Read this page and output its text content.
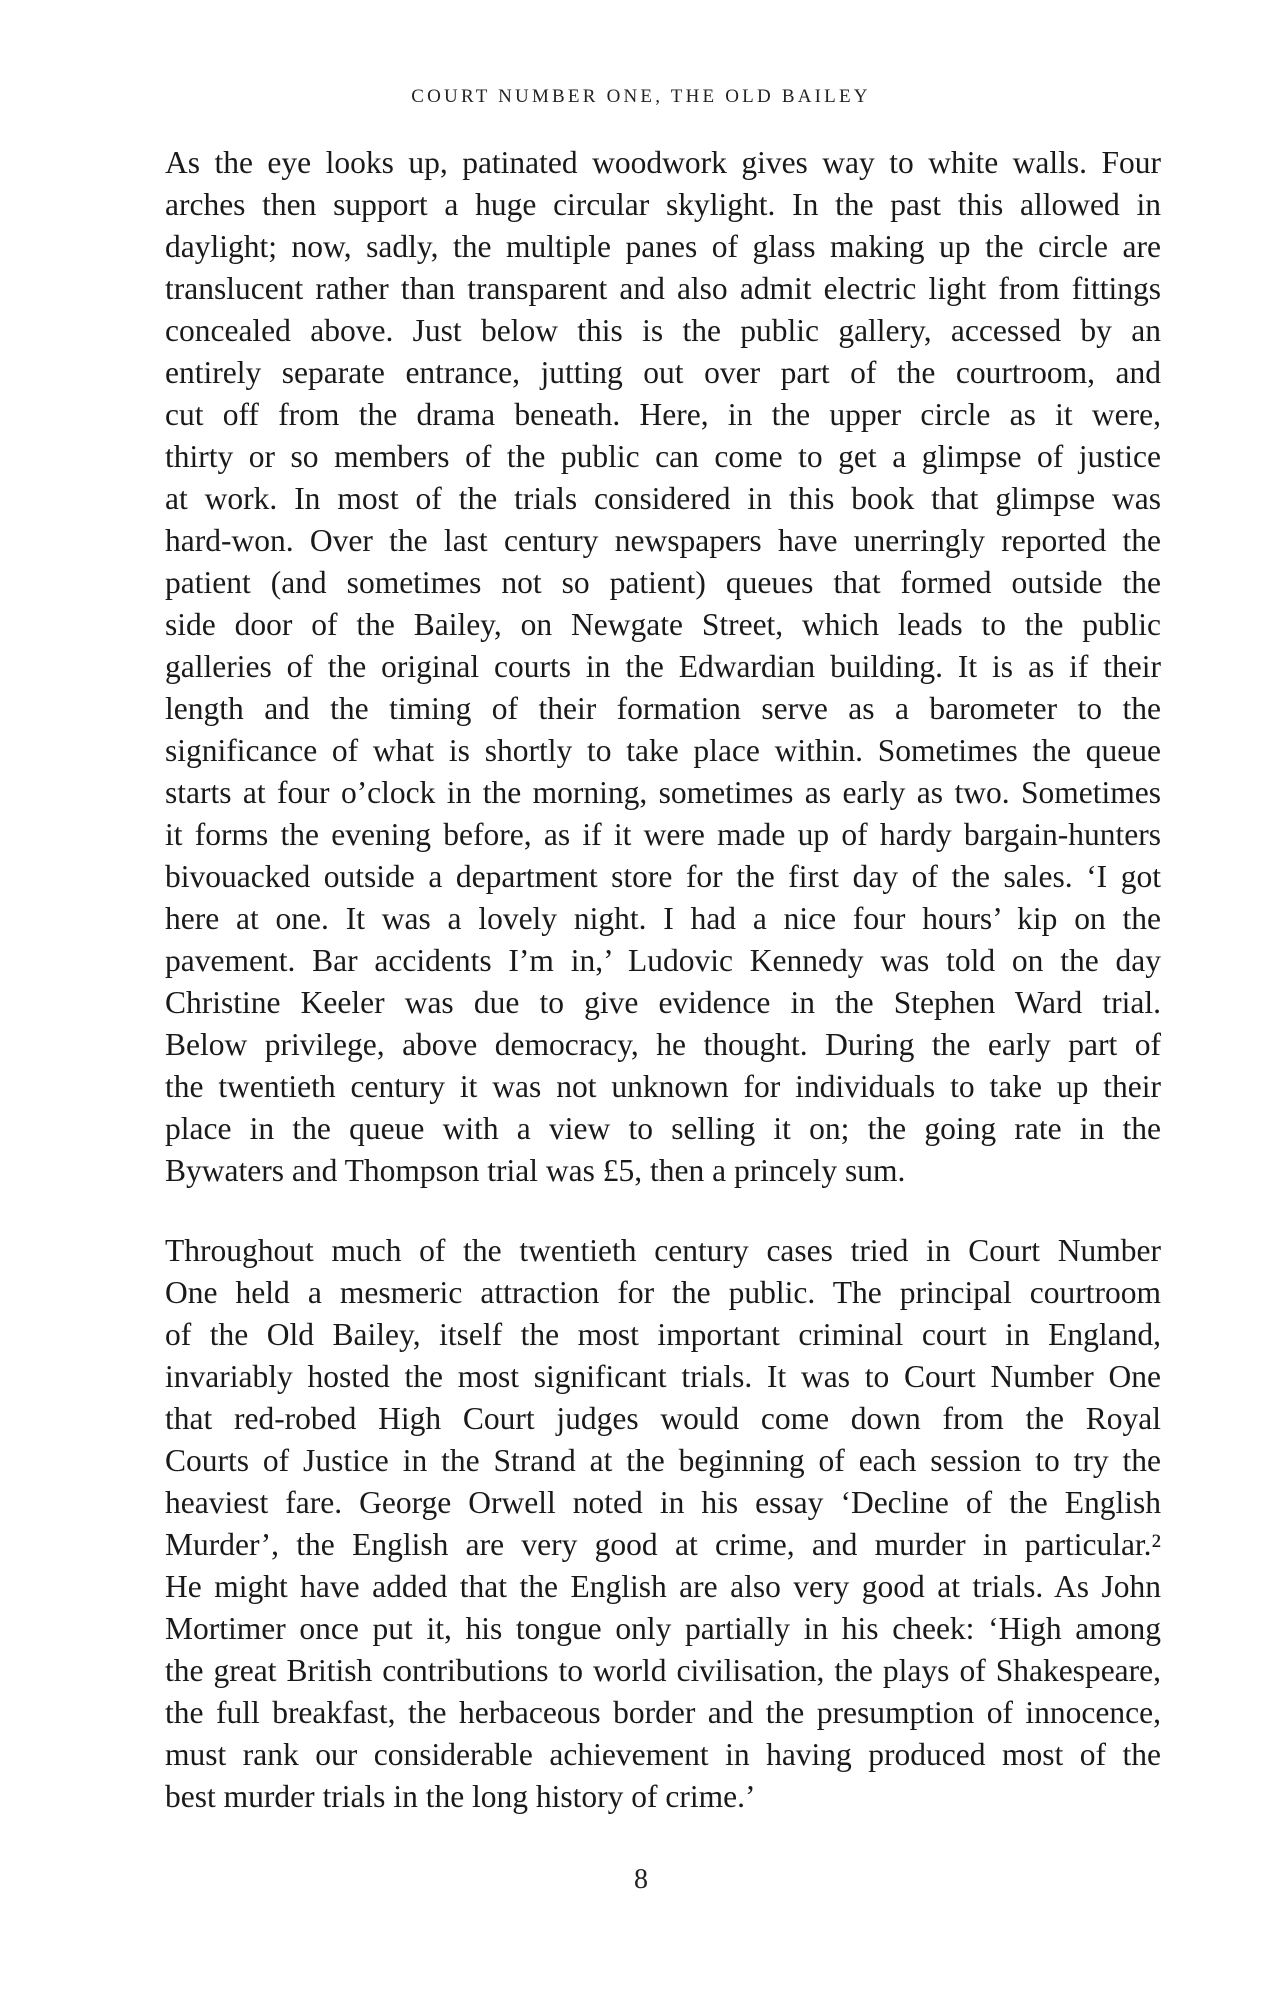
COURT NUMBER ONE, THE OLD BAILEY
As the eye looks up, patinated woodwork gives way to white walls. Four
arches then support a huge circular skylight. In the past this allowed in
daylight; now, sadly, the multiple panes of glass making up the circle are
translucent rather than transparent and also admit electric light from fittings
concealed above. Just below this is the public gallery, accessed by an
entirely separate entrance, jutting out over part of the courtroom, and
cut off from the drama beneath. Here, in the upper circle as it were,
thirty or so members of the public can come to get a glimpse of justice
at work. In most of the trials considered in this book that glimpse was
hard-won. Over the last century newspapers have unerringly reported the
patient (and sometimes not so patient) queues that formed outside the
side door of the Bailey, on Newgate Street, which leads to the public
galleries of the original courts in the Edwardian building. It is as if their
length and the timing of their formation serve as a barometer to the
significance of what is shortly to take place within. Sometimes the queue
starts at four o’clock in the morning, sometimes as early as two. Sometimes
it forms the evening before, as if it were made up of hardy bargain-hunters
bivouacked outside a department store for the first day of the sales. ‘I got
here at one. It was a lovely night. I had a nice four hours’ kip on the
pavement. Bar accidents I’m in,’ Ludovic Kennedy was told on the day
Christine Keeler was due to give evidence in the Stephen Ward trial.
Below privilege, above democracy, he thought. During the early part of
the twentieth century it was not unknown for individuals to take up their
place in the queue with a view to selling it on; the going rate in the
Bywaters and Thompson trial was £5, then a princely sum.
Throughout much of the twentieth century cases tried in Court Number
One held a mesmeric attraction for the public. The principal courtroom
of the Old Bailey, itself the most important criminal court in England,
invariably hosted the most significant trials. It was to Court Number One
that red-robed High Court judges would come down from the Royal
Courts of Justice in the Strand at the beginning of each session to try the
heaviest fare. George Orwell noted in his essay ‘Decline of the English
Murder’, the English are very good at crime, and murder in particular.²
He might have added that the English are also very good at trials. As John
Mortimer once put it, his tongue only partially in his cheek: ‘High among
the great British contributions to world civilisation, the plays of Shakespeare,
the full breakfast, the herbaceous border and the presumption of innocence,
must rank our considerable achievement in having produced most of the
best murder trials in the long history of crime.’
8
